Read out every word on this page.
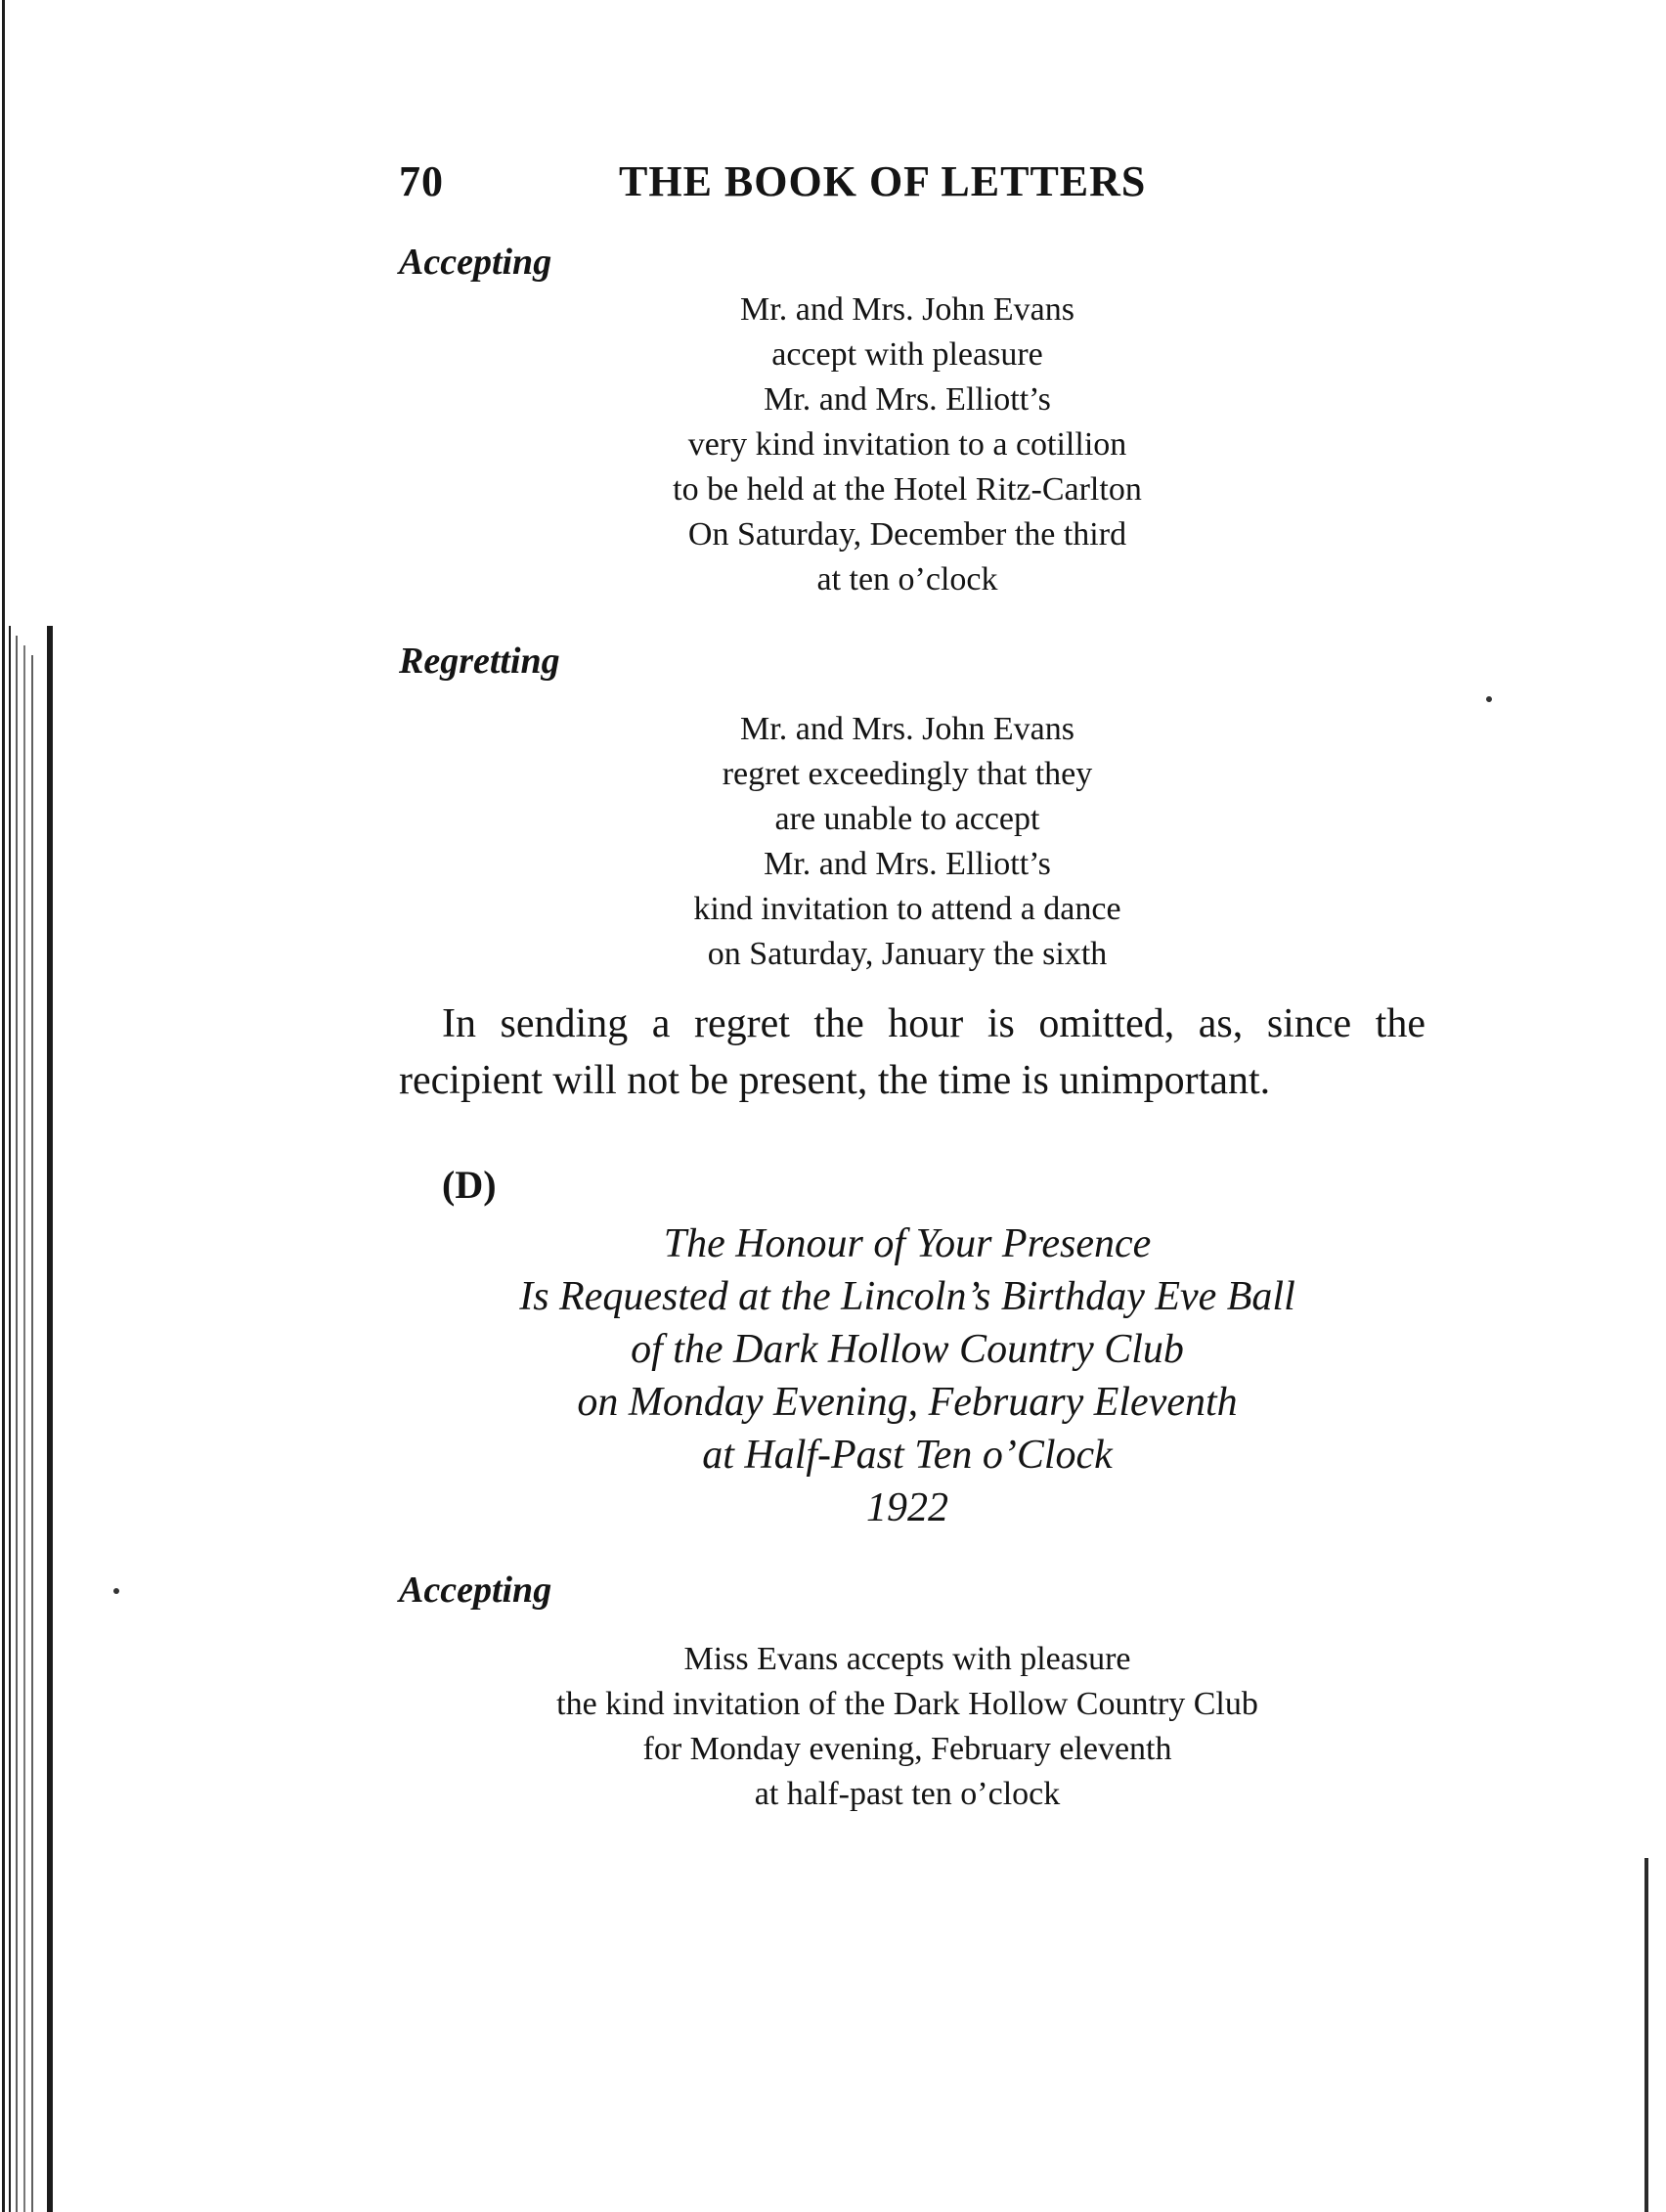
70	THE BOOK OF LETTERS
Accepting
Mr. and Mrs. John Evans
accept with pleasure
Mr. and Mrs. Elliott’s
very kind invitation to a cotillion
to be held at the Hotel Ritz-Carlton
On Saturday, December the third
at ten o’clock
Regretting
Mr. and Mrs. John Evans
regret exceedingly that they
are unable to accept
Mr. and Mrs. Elliott’s
kind invitation to attend a dance
on Saturday, January the sixth
In sending a regret the hour is omitted, as, since the recipient will not be present, the time is unimportant.
(D)
The Honour of Your Presence
Is Requested at the Lincoln’s Birthday Eve Ball
of the Dark Hollow Country Club
on Monday Evening, February Eleventh
at Half-Past Ten o’Clock
1922
Accepting
Miss Evans accepts with pleasure
the kind invitation of the Dark Hollow Country Club
for Monday evening, February eleventh
at half-past ten o’clock
